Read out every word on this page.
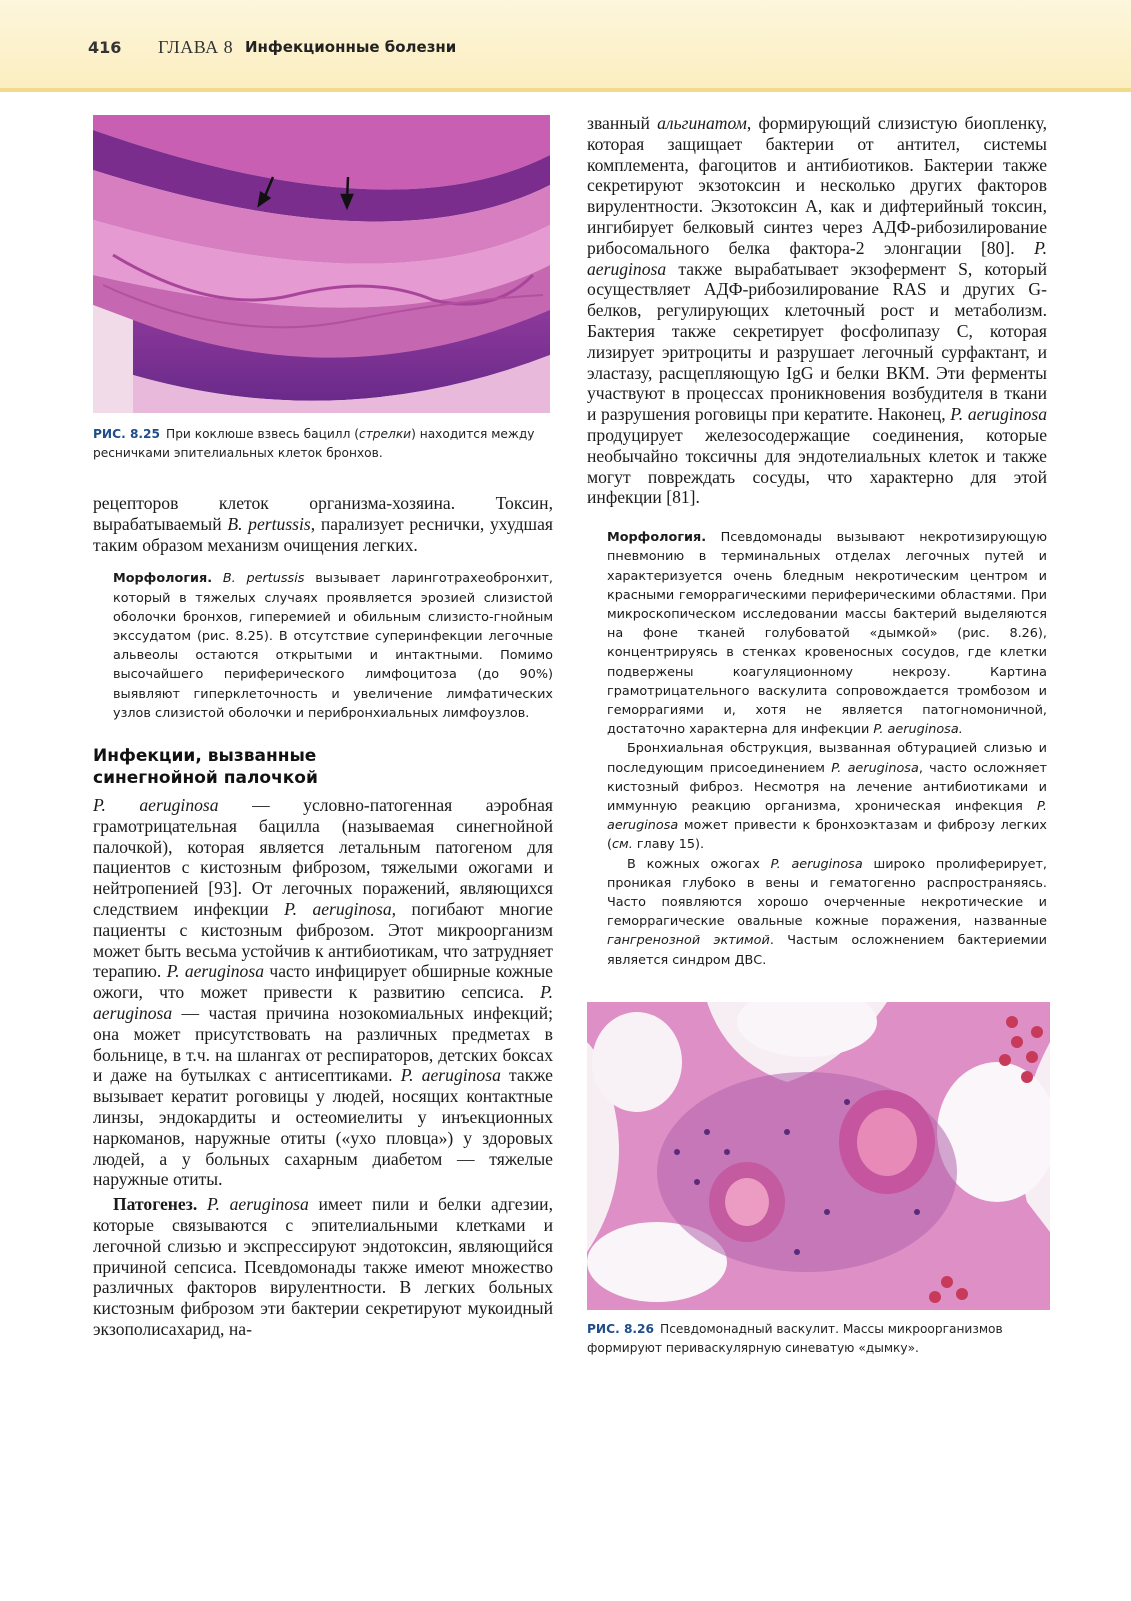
416 ГЛАВА 8 Инфекционные болезни
РИС. 8.25 При коклюше взвесь бацилл (стрелки) находится между ресничками эпителиальных клеток бронхов.

рецепторов клеток организма-хозяина. Токсин, вырабатываемый B. pertussis, парализует реснички, ухудшая таким образом механизм очищения легких.

Морфология. B. pertussis вызывает ларинготрахеобронхит, который в тяжелых случаях проявляется эрозией слизистой оболочки бронхов, гиперемией и обильным слизисто-гнойным экссудатом (рис. 8.25). В отсутствие суперинфекции легочные альвеолы остаются открытыми и интактными. Помимо высочайшего периферического лимфоцитоза (до 90%) выявляют гиперклеточность и увеличение лимфатических узлов слизистой оболочки и перибронхиальных лимфоузлов.

Инфекции, вызванные
синегнойной палочкой

P. aeruginosa — условно-патогенная аэробная грамотрицательная бацилла (называемая синегнойной палочкой), которая является летальным патогеном для пациентов с кистозным фиброзом, тяжелыми ожогами и нейтропенией [93]. От легочных поражений, являющихся следствием инфекции P. aeruginosa, погибают многие пациенты с кистозным фиброзом. Этот микроорганизм может быть весьма устойчив к антибиотикам, что затрудняет терапию. P. aeruginosa часто инфицирует обширные кожные ожоги, что может привести к развитию сепсиса. P. aeruginosa — частая причина нозокомиальных инфекций; она может присутствовать на различных предметах в больнице, в т.ч. на шлангах от респираторов, детских боксах и даже на бутылках с антисептиками. P. aeruginosa также вызывает кератит роговицы у людей, носящих контактные линзы, эндокардиты и остеомиелиты у инъекционных наркоманов, наружные отиты («ухо пловца») у здоровых людей, а у больных сахарным диабетом — тяжелые наружные отиты.

Патогенез. P. aeruginosa имеет пили и белки адгезии, которые связываются с эпителиальными клетками и легочной слизью и экспрессируют эндотоксин, являющийся причиной сепсиса. Псевдомонады также имеют множество различных факторов вирулентности. В легких больных кистозным фиброзом эти бактерии секретируют мукоидный экзополисахарид, на-

званный альгинатом, формирующий слизистую биопленку, которая защищает бактерии от антител, системы комплемента, фагоцитов и антибиотиков. Бактерии также секретируют экзотоксин и несколько других факторов вирулентности. Экзотоксин А, как и дифтерийный токсин, ингибирует белковый синтез через АДФ-рибозилирование рибосомального белка фактора-2 элонгации [80]. P. aeruginosa также вырабатывает экзофермент S, который осуществляет АДФ-рибозилирование RAS и других G-белков, регулирующих клеточный рост и метаболизм. Бактерия также секретирует фосфолипазу С, которая лизирует эритроциты и разрушает легочный сурфактант, и эластазу, расщепляющую IgG и белки ВКМ. Эти ферменты участвуют в процессах проникновения возбудителя в ткани и разрушения роговицы при кератите. Наконец, P. aeruginosa продуцирует железосодержащие соединения, которые необычайно токсичны для эндотелиальных клеток и также могут повреждать сосуды, что характерно для этой инфекции [81].

Морфология. Псевдомонады вызывают некротизирующую пневмонию в терминальных отделах легочных путей и характеризуется очень бледным некротическим центром и красными геморрагическими периферическими областями. При микроскопическом исследовании массы бактерий выделяются на фоне тканей голубоватой «дымкой» (рис. 8.26), концентрируясь в стенках кровеносных сосудов, где клетки подвержены коагуляционному некрозу. Картина грамотрицательного васкулита сопровождается тромбозом и геморрагиями и, хотя не является патогномоничной, достаточно характерна для инфекции P. aeruginosa.

Бронхиальная обструкция, вызванная обтурацией слизью и последующим присоединением P. aeruginosa, часто осложняет кистозный фиброз. Несмотря на лечение антибиотиками и иммунную реакцию организма, хроническая инфекция P. aeruginosa может привести к бронхоэктазам и фиброзу легких (см. главу 15).

В кожных ожогах P. aeruginosa широко пролиферирует, проникая глубоко в вены и гематогенно распространяясь. Часто появляются хорошо очерченные некротические и геморрагические овальные кожные поражения, названные гангренозной эктимой. Частым осложнением бактериемии является синдром ДВС.

РИС. 8.26 Псевдомонадный васкулит. Массы микроорганизмов формируют периваскулярную синеватую «дымку».
